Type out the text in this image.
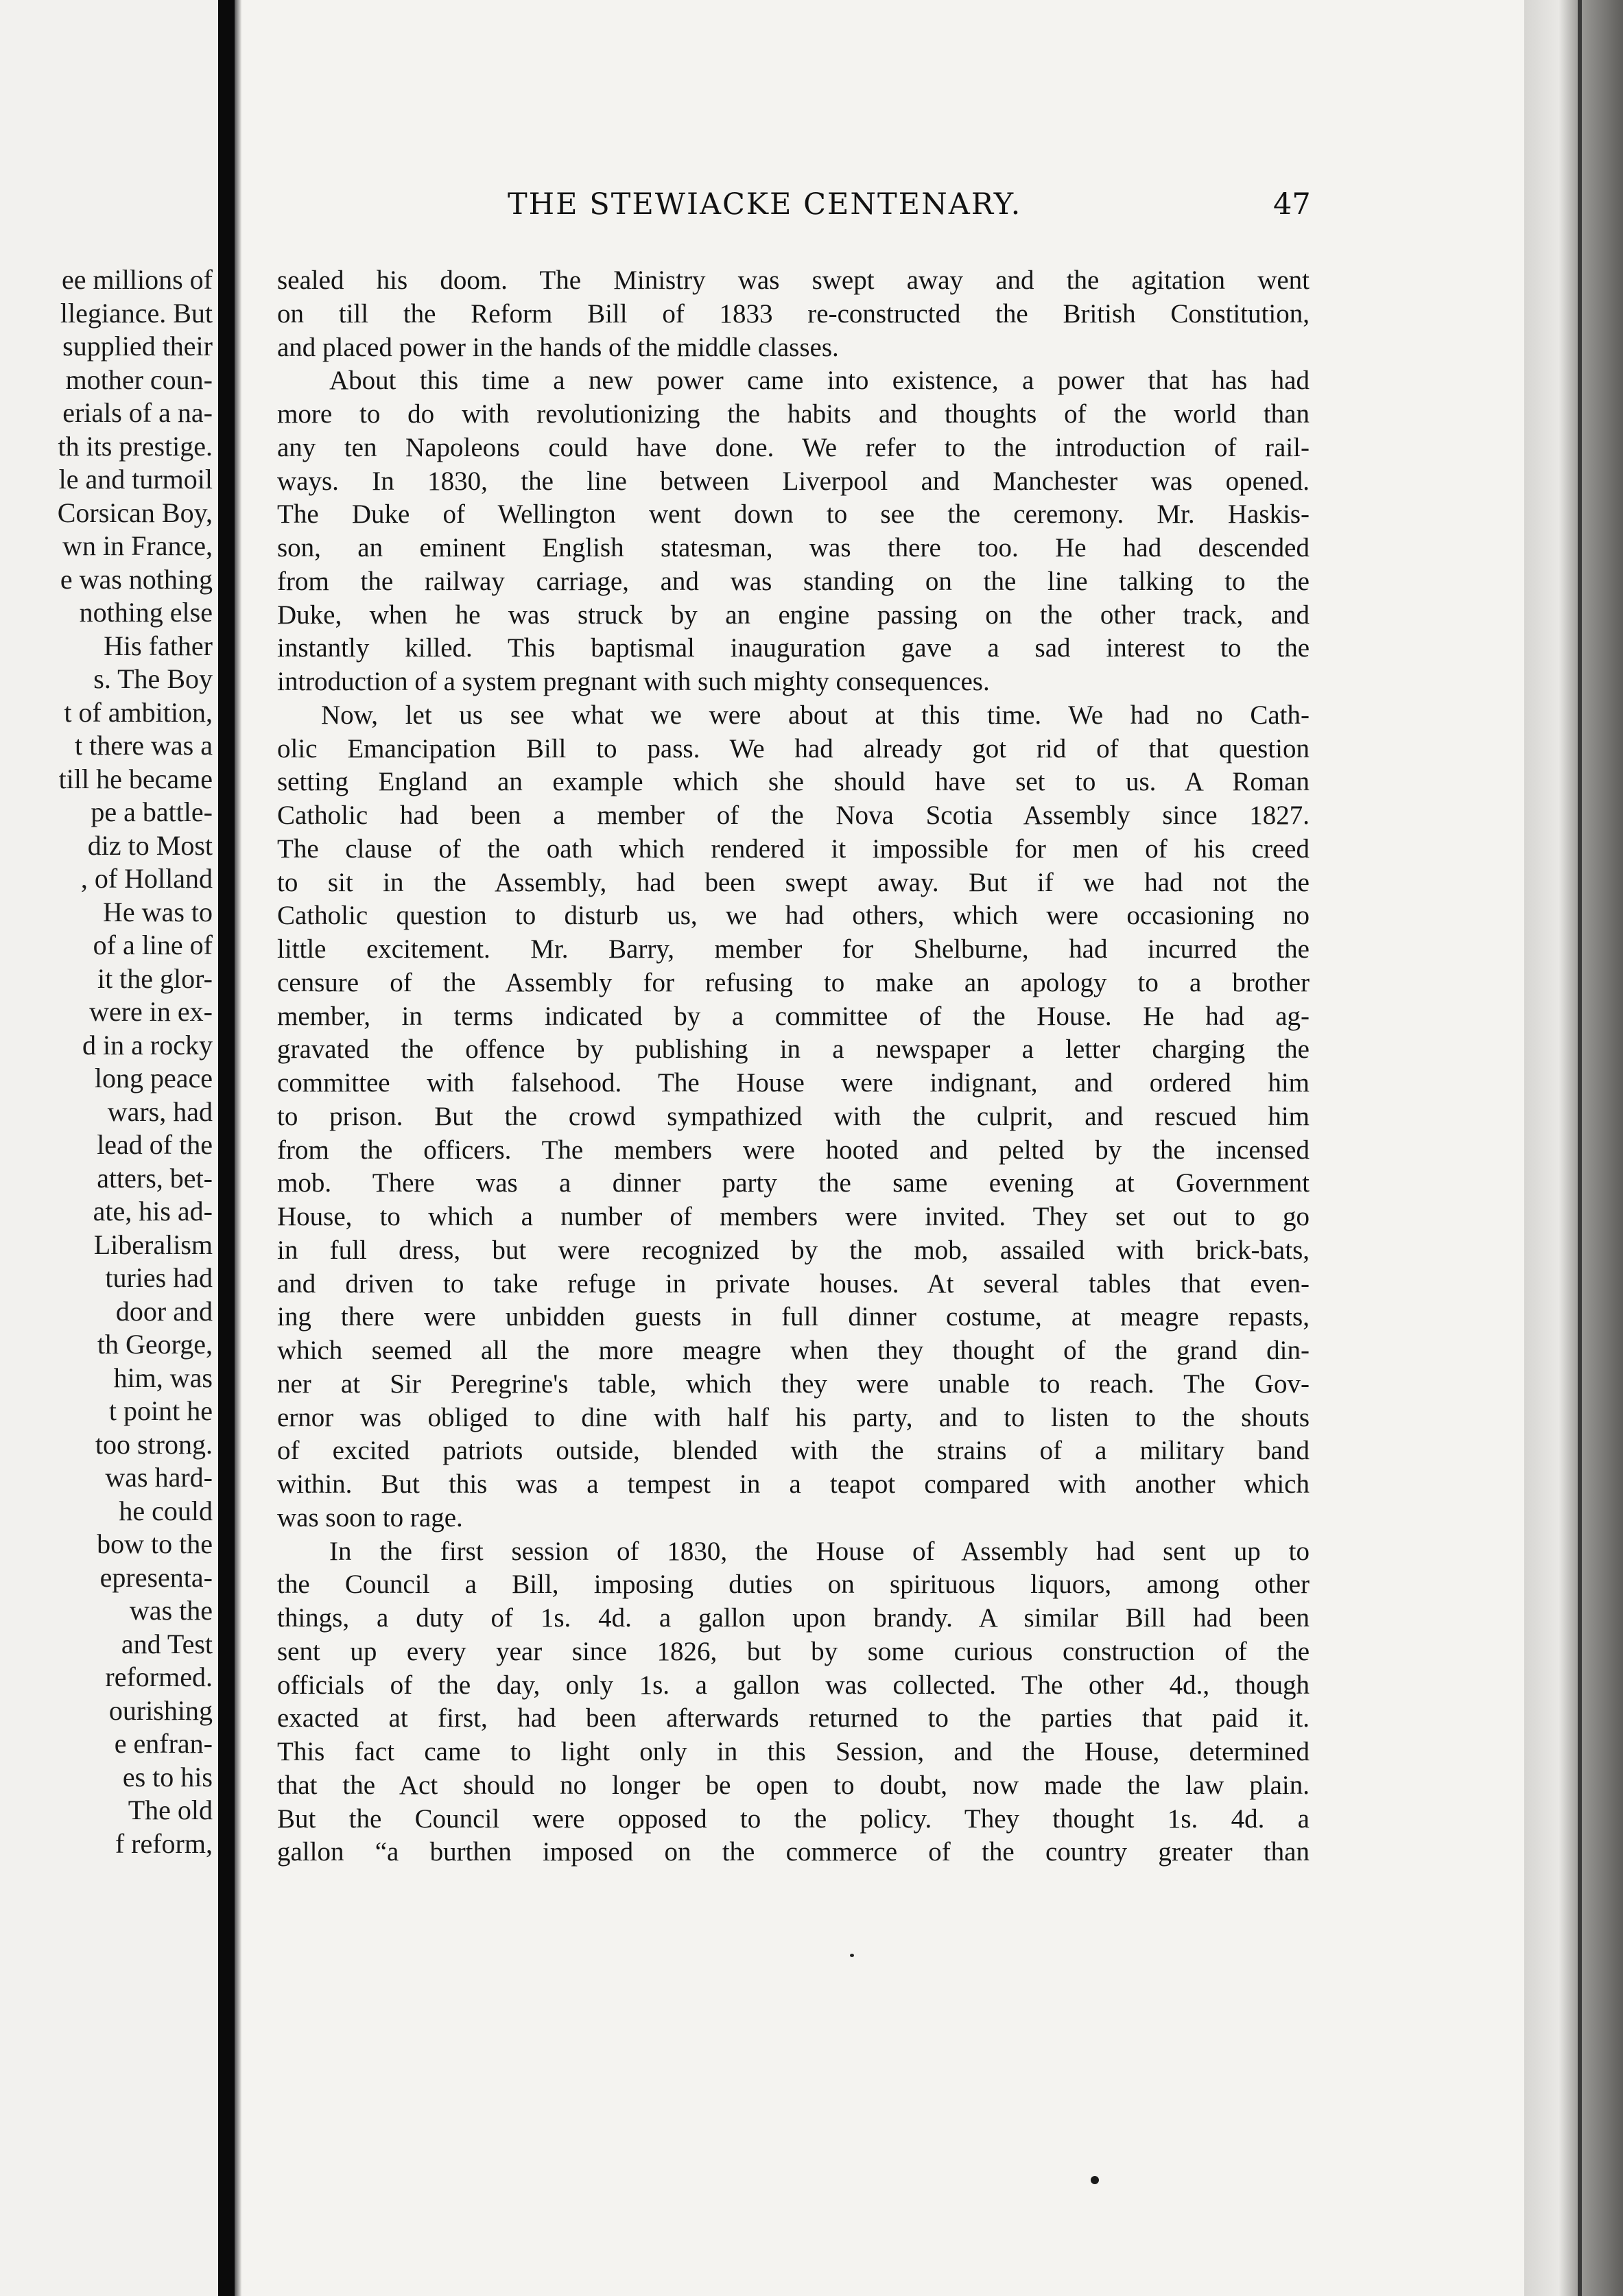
ee millions of
llegiance. But
supplied their
mother coun-
erials of a na-
th its prestige.
le and turmoil
Corsican Boy,
wn in France,
e was nothing
nothing else
His father
s. The Boy
t of ambition,
t there was a
till he became
pe a battle-
diz to Most
, of Holland
He was to
of a line of
it the glor-
were in ex-
d in a rocky
long peace
wars, had
lead of the
atters, bet-
ate, his ad-
Liberalism
turies had
door and
th George,
him, was
t point he
too strong.
was hard-
he could
bow to the
epresenta-
was the
and Test
reformed.
ourishing
e enfran-
es to his
The old
f reform,
THE STEWIACKE CENTENARY.	47
sealed his doom. The Ministry was swept away and the agitation went
on till the Reform Bill of 1833 re-constructed the British Constitution,
and placed power in the hands of the middle classes.
About this time a new power came into existence, a power that has had
more to do with revolutionizing the habits and thoughts of the world than
any ten Napoleons could have done. We refer to the introduction of rail-
ways. In 1830, the line between Liverpool and Manchester was opened.
The Duke of Wellington went down to see the ceremony. Mr. Haskis-
son, an eminent English statesman, was there too. He had descended
from the railway carriage, and was standing on the line talking to the
Duke, when he was struck by an engine passing on the other track, and
instantly killed. This baptismal inauguration gave a sad interest to the
introduction of a system pregnant with such mighty consequences.
Now, let us see what we were about at this time. We had no Cath-
olic Emancipation Bill to pass. We had already got rid of that question
setting England an example which she should have set to us. A Roman
Catholic had been a member of the Nova Scotia Assembly since 1827.
The clause of the oath which rendered it impossible for men of his creed
to sit in the Assembly, had been swept away. But if we had not the
Catholic question to disturb us, we had others, which were occasioning no
little excitement. Mr. Barry, member for Shelburne, had incurred the
censure of the Assembly for refusing to make an apology to a brother
member, in terms indicated by a committee of the House. He had ag-
gravated the offence by publishing in a newspaper a letter charging the
committee with falsehood. The House were indignant, and ordered him
to prison. But the crowd sympathized with the culprit, and rescued him
from the officers. The members were hooted and pelted by the incensed
mob. There was a dinner party the same evening at Government
House, to which a number of members were invited. They set out to go
in full dress, but were recognized by the mob, assailed with brick-bats,
and driven to take refuge in private houses. At several tables that even-
ing there were unbidden guests in full dinner costume, at meagre repasts,
which seemed all the more meagre when they thought of the grand din-
ner at Sir Peregrine's table, which they were unable to reach. The Gov-
ernor was obliged to dine with half his party, and to listen to the shouts
of excited patriots outside, blended with the strains of a military band
within. But this was a tempest in a teapot compared with another which
was soon to rage.
In the first session of 1830, the House of Assembly had sent up to
the Council a Bill, imposing duties on spirituous liquors, among other
things, a duty of 1s. 4d. a gallon upon brandy. A similar Bill had been
sent up every year since 1826, but by some curious construction of the
officials of the day, only 1s. a gallon was collected. The other 4d., though
exacted at first, had been afterwards returned to the parties that paid it.
This fact came to light only in this Session, and the House, determined
that the Act should no longer be open to doubt, now made the law plain.
But the Council were opposed to the policy. They thought 1s. 4d. a
gallon “a burthen imposed on the commerce of the country greater than
